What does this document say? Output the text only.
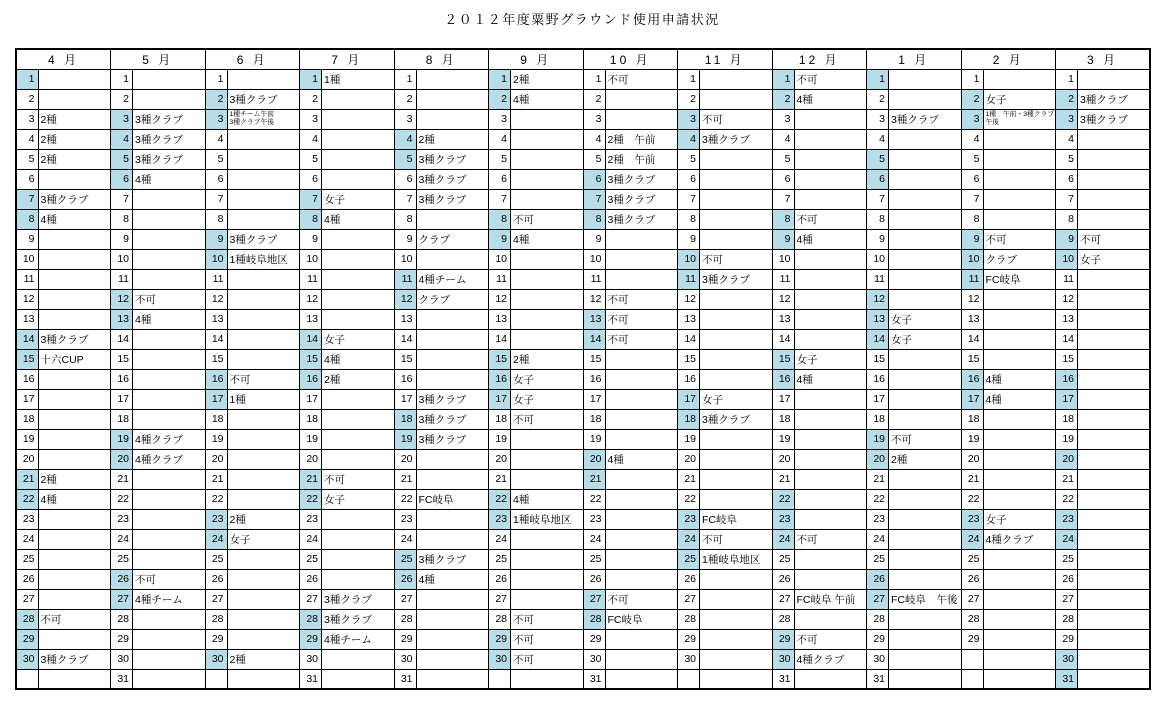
２０１２年度粟野グラウンド使用申請状況
4 月		5 月		6 月		7 月		8 月		9 月		10 月		11 月		12 月		1 月		2 月		3 月	
1		1		1		1	1種	1		1	2種	1	不可	1		1	不可	1		1		1	
2		2		2	3種クラブ	2		2		2	4種	2		2		2	4種	2		2	女子	2	3種クラブ
3	2種	3	3種クラブ	3	1種チーム午前
3種クラブ午後	3		3		3		3		3	不可	3		3	3種クラブ	3	1種　午前・3種クラブ
午後	3	3種クラブ
4	2種	4	3種クラブ	4		4		4	2種	4		4	2種　午前	4	3種クラブ	4		4		4		4	
5	2種	5	3種クラブ	5		5		5	3種クラブ	5		5	2種　午前	5		5		5		5		5	
6		6	4種	6		6		6	3種クラブ	6		6	3種クラブ	6		6		6		6		6	
7	3種クラブ	7		7		7	女子	7	3種クラブ	7		7	3種クラブ	7		7		7		7		7	
8	4種	8		8		8	4種	8		8	不可	8	3種クラブ	8		8	不可	8		8		8	
9		9		9	3種クラブ	9		9	クラブ	9	4種	9		9		9	4種	9		9	不可	9	不可
10		10		10	1種岐阜地区	10		10		10		10		10	不可	10		10		10	クラブ	10	女子
11		11		11		11		11	4種チーム	11		11		11	3種クラブ	11		11		11	FC岐阜	11	
12		12	不可	12		12		12	クラブ	12		12	不可	12		12		12		12		12	
13		13	4種	13		13		13		13		13	不可	13		13		13	女子	13		13	
14	3種クラブ	14		14		14	女子	14		14		14	不可	14		14		14	女子	14		14	
15	十六CUP	15		15		15	4種	15		15	2種	15		15		15	女子	15		15		15	
16		16		16	不可	16	2種	16		16	女子	16		16		16	4種	16		16	4種	16	
17		17		17	1種	17		17	3種クラブ	17	女子	17		17	女子	17		17		17	4種	17	
18		18		18		18		18	3種クラブ	18	不可	18		18	3種クラブ	18		18		18		18	
19		19	4種クラブ	19		19		19	3種クラブ	19		19		19		19		19	不可	19		19	
20		20	4種クラブ	20		20		20		20		20	4種	20		20		20	2種	20		20	
21	2種	21		21		21	不可	21		21		21		21		21		21		21		21	
22	4種	22		22		22	女子	22	FC岐阜	22	4種	22		22		22		22		22		22	
23		23		23	2種	23		23		23	1種岐阜地区	23		23	FC岐阜	23		23		23	女子	23	
24		24		24	女子	24		24		24		24		24	不可	24	不可	24		24	4種クラブ	24	
25		25		25		25		25	3種クラブ	25		25		25	1種岐阜地区	25		25		25		25	
26		26	不可	26		26		26	4種	26		26		26		26		26		26		26	
27		27	4種チーム	27		27	3種クラブ	27		27		27	不可	27		27	FC岐阜 午前	27	FC岐阜　午後	27		27	
28	不可	28		28		28	3種クラブ	28		28	不可	28	FC岐阜	28		28		28		28		28	
29		29		29		29	4種チーム	29		29	不可	29		29		29	不可	29		29		29	
30	3種クラブ	30		30	2種	30		30		30	不可	30		30		30	4種クラブ	30				30	
		31				31		31				31				31		31				31	
